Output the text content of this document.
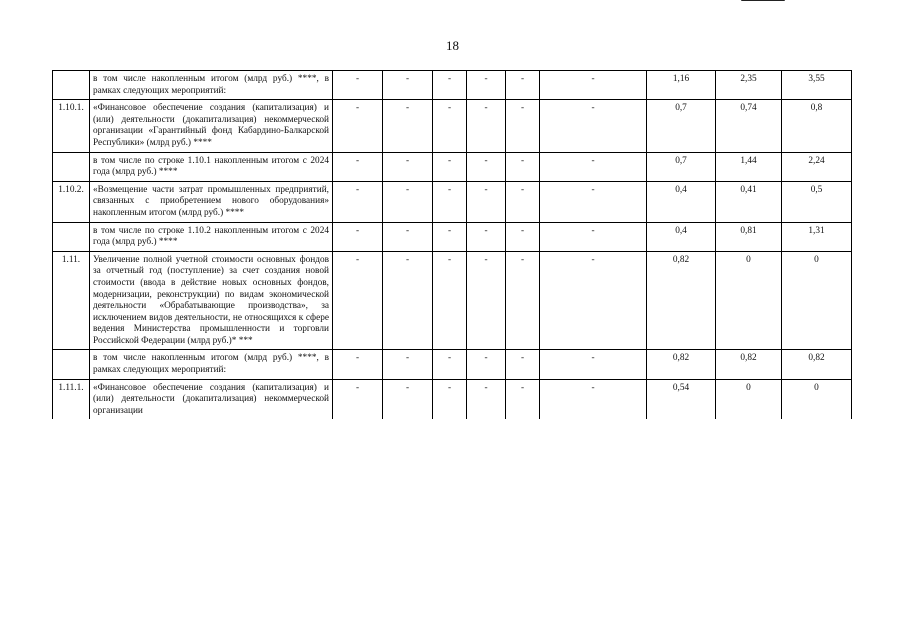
18
	в том числе накопленным итогом (млрд руб.) ****, в рамках следующих мероприятий:	-	-	-	-	-	-	1,16	2,35	3,55
1.10.1.	«Финансовое обеспечение создания (капитализация) и (или) деятельности (докапитализация) некоммерческой организации «Гарантийный фонд Кабардино-Балкарской Республики» (млрд руб.) ****	-	-	-	-	-	-	0,7	0,74	0,8
	в том числе по строке 1.10.1 накопленным итогом с 2024 года (млрд руб.) ****	-	-	-	-	-	-	0,7	1,44	2,24
1.10.2.	«Возмещение части затрат промышленных предприятий, связанных с приобретением нового оборудования» накопленным итогом (млрд руб.) ****	-	-	-	-	-	-	0,4	0,41	0,5
	в том числе по строке 1.10.2 накопленным итогом с 2024 года (млрд руб.) ****	-	-	-	-	-	-	0,4	0,81	1,31
1.11.	Увеличение полной учетной стоимости основных фондов за отчетный год (поступление) за счет создания новой стоимости (ввода в действие новых основных фондов, модернизации, реконструкции) по видам экономической деятельности «Обрабатывающие производства», за исключением видов деятельности, не относящихся к сфере ведения Министерства промышленности и торговли Российской Федерации (млрд руб.)* ***	-	-	-	-	-	-	0,82	0	0
	в том числе накопленным итогом (млрд руб.) ****, в рамках следующих мероприятий:	-	-	-	-	-	-	0,82	0,82	0,82
1.11.1.	«Финансовое обеспечение создания (капитализация) и (или) деятельности (докапитализация) некоммерческой организации	-	-	-	-	-	-	0,54	0	0
